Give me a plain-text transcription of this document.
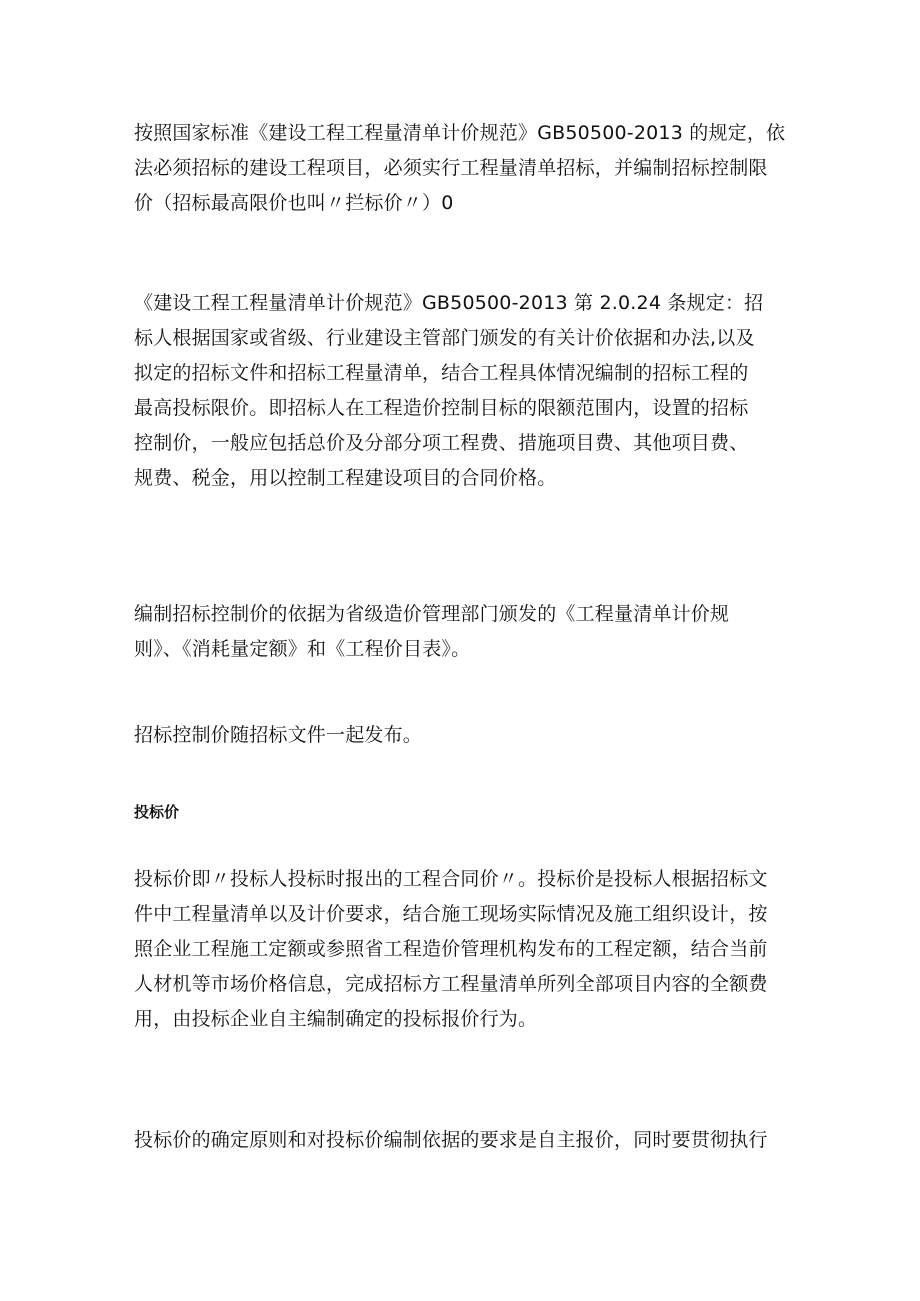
按照国家标准《建设工程工程量清单计价规范》GB50500-2013 的规定，依
法必须招标的建设工程项目，必须实行工程量清单招标，并编制招标控制限
价（招标最高限价也叫〃拦标价〃）0

《建设工程工程量清单计价规范》GB50500-2013 第 2.0.24 条规定：招
标人根据国家或省级、行业建设主管部门颁发的有关计价依据和办法,以及
拟定的招标文件和招标工程量清单，结合工程具体情况编制的招标工程的
最高投标限价。即招标人在工程造价控制目标的限额范围内，设置的招标
控制价，一般应包括总价及分部分项工程费、措施项目费、其他项目费、
规费、税金，用以控制工程建设项目的合同价格。

编制招标控制价的依据为省级造价管理部门颁发的《工程量清单计价规
则》、《消耗量定额》和《工程价目表》。

招标控制价随招标文件一起发布。

投标价

投标价即〃投标人投标时报出的工程合同价〃。投标价是投标人根据招标文
件中工程量清单以及计价要求，结合施工现场实际情况及施工组织设计，按
照企业工程施工定额或参照省工程造价管理机构发布的工程定额，结合当前
人材机等市场价格信息，完成招标方工程量清单所列全部项目内容的全额费
用，由投标企业自主编制确定的投标报价行为。

投标价的确定原则和对投标价编制依据的要求是自主报价，同时要贯彻执行
